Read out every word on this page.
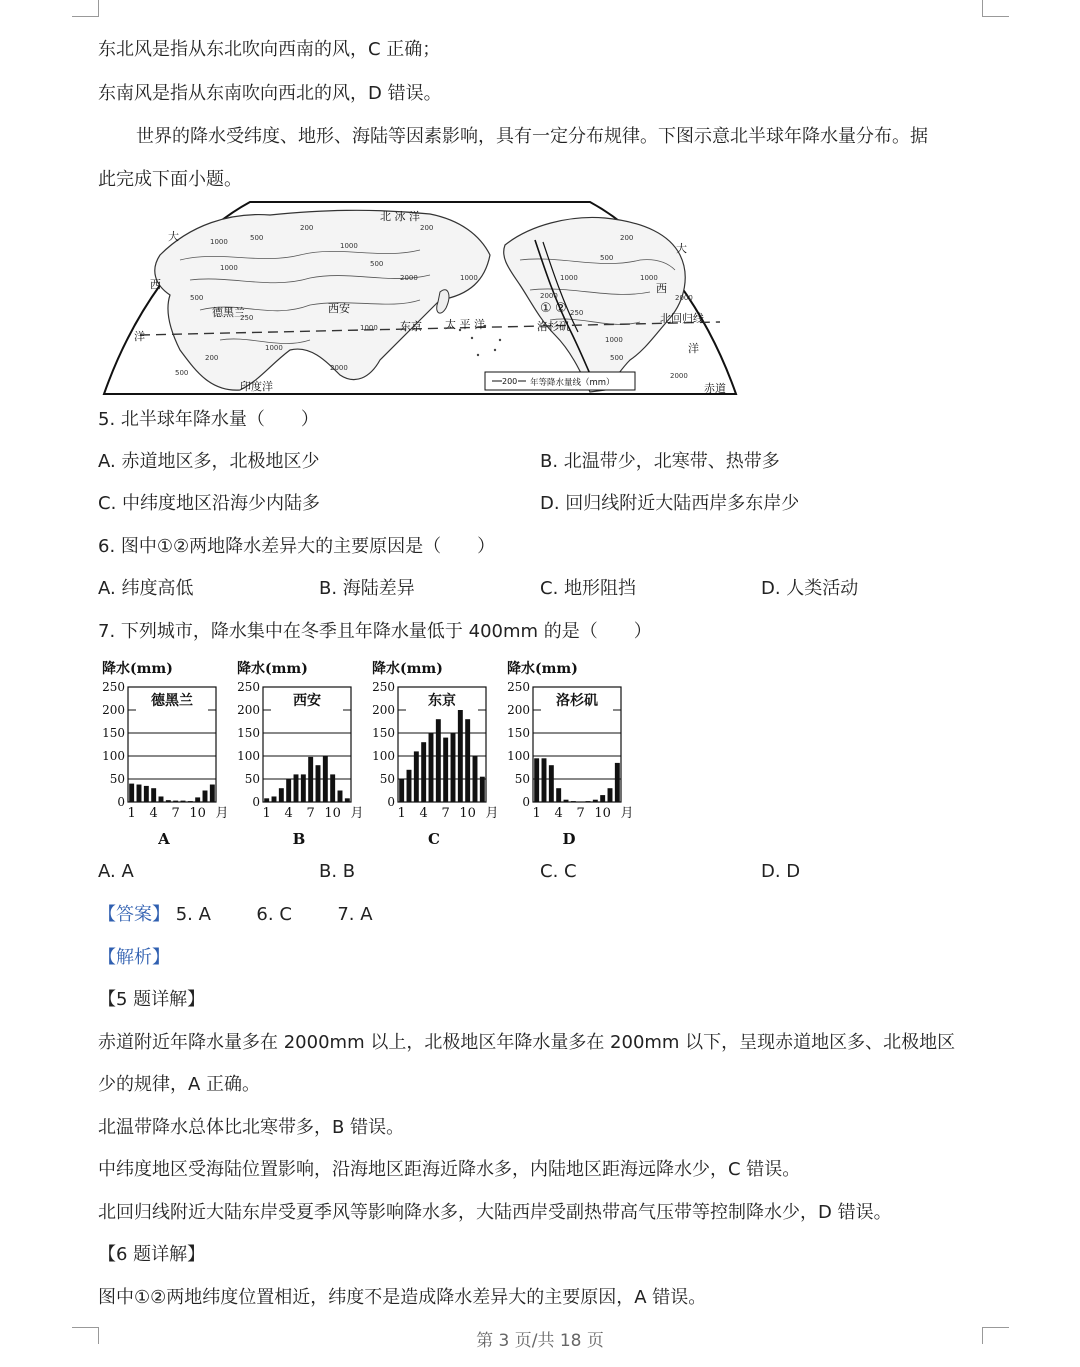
东北风是指从东北吹向西南的风，C 正确；
东南风是指从东南吹向西北的风，D 错误。
世界的降水受纬度、地形、海陆等因素影响，具有一定分布规律。下图示意北半球年降水量分布。据
此完成下面小题。
1000	500
200
1000
500
2000
1000
500
250
1000
2000
1000
500
200
2000
1000
500
200
1000
2000
250
1000
500
2000
1000
200
北 冰 洋
太 平 洋
印度洋
德黑兰	西安
东京	洛杉矶
北回归线
赤道
大
西
洋
大
西
洋
① ②
200 年等降水量线（mm）
5. 北半球年降水量（　　）
A. 赤道地区多，北极地区少	B. 北温带少，北寒带、热带多
C. 中纬度地区沿海少内陆多	D. 回归线附近大陆西岸多东岸少
6. 图中①②两地降水差异大的主要原因是（　　）
A. 纬度高低	B. 海陆差异	C. 地形阻挡	D. 人类活动
7. 下列城市，降水集中在冬季且年降水量低于 400mm 的是（　　）
降水(mm)
250
200
150
100
50
0
德黑兰
1 4 7 10 月
A
降水(mm)
250
200
150
100
50
0
西安
1 4 7 10 月
B
降水(mm)
250
200
150
100
50
0
东京
1 4 7 10 月
C
降水(mm)
250
200
150
100
50
0
洛杉矶
1 4 7 10 月
D
A. A	B. B	C. C	D. D
【答案】 5. A	6. C	7. A
【解析】
【5 题详解】
赤道附近年降水量多在 2000mm 以上，北极地区年降水量多在 200mm 以下，呈现赤道地区多、北极地区
少的规律，A 正确。
北温带降水总体比北寒带多，B 错误。
中纬度地区受海陆位置影响，沿海地区距海近降水多，内陆地区距海远降水少，C 错误。
北回归线附近大陆东岸受夏季风等影响降水多，大陆西岸受副热带高气压带等控制降水少，D 错误。
【6 题详解】
图中①②两地纬度位置相近，纬度不是造成降水差异大的主要原因，A 错误。
第 3 页/共 18 页
